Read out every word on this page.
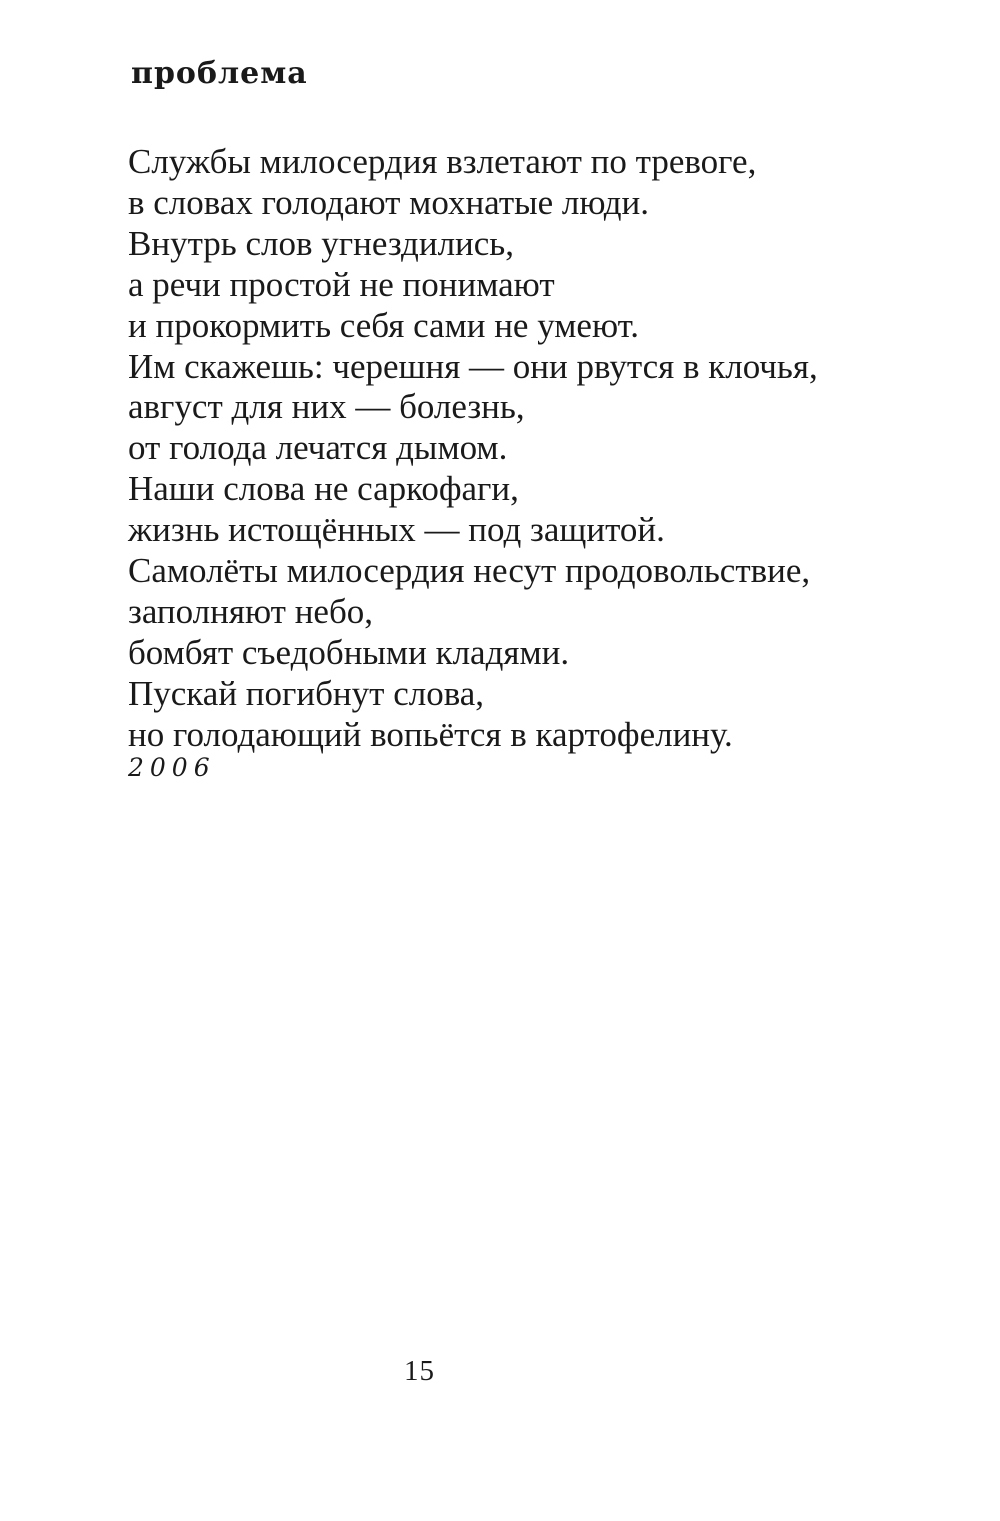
проблема
Службы милосердия взлетают по тревоге,
в словах голодают мохнатые люди.
Внутрь слов угнездились,
а речи простой не понимают
и прокормить себя сами не умеют.
Им скажешь: черешня — они рвутся в клочья,
август для них — болезнь,
от голода лечатся дымом.
Наши слова не саркофаги,
жизнь истощённых — под защитой.
Самолёты милосердия несут продовольствие,
заполняют небо,
бомбят съедобными кладями.
Пускай погибнут слова,
но голодающий вопьётся в картофелину.
2006
15
